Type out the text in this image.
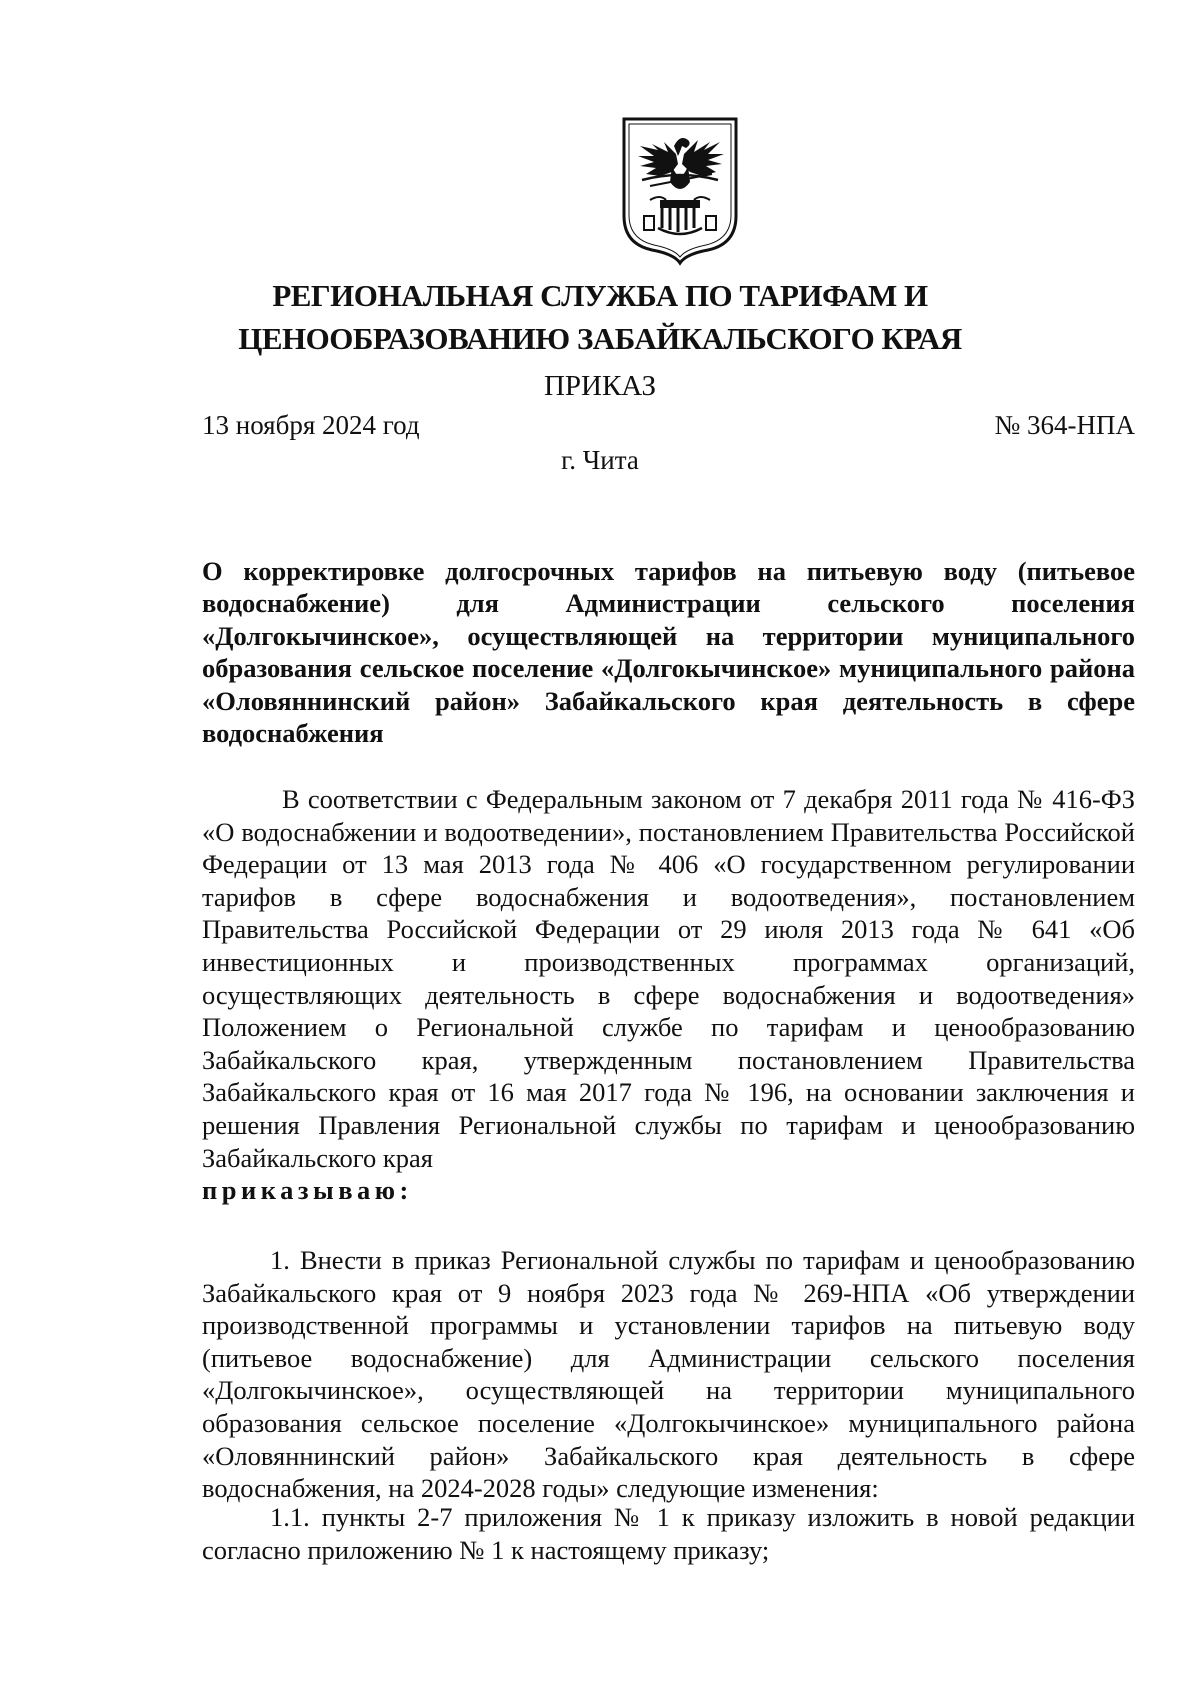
РЕГИОНАЛЬНАЯ СЛУЖБА ПО ТАРИФАМ И
ЦЕНООБРАЗОВАНИЮ ЗАБАЙКАЛЬСКОГО КРАЯ
ПРИКАЗ
13 ноября 2024 год	№ 364-НПА
г. Чита
О корректировке долгосрочных тарифов на питьевую воду (питьевое водоснабжение) для Администрации сельского поселения «Долгокычинское», осуществляющей на территории муниципального образования сельское поселение «Долгокычинское» муниципального района «Оловяннинский район» Забайкальского края деятельность в сфере водоснабжения
В соответствии с Федеральным законом от 7 декабря 2011 года № 416-ФЗ «О водоснабжении и водоотведении», постановлением Правительства Российской Федерации от 13 мая 2013 года № 406 «О государственном регулировании тарифов в сфере водоснабжения и водоотведения», постановлением Правительства Российской Федерации от 29 июля 2013 года № 641 «Об инвестиционных и производственных программах организаций, осуществляющих деятельность в сфере водоснабжения и водоотведения» Положением о Региональной службе по тарифам и ценообразованию Забайкальского края, утвержденным постановлением Правительства Забайкальского края от 16 мая 2017 года № 196, на основании заключения и решения Правления Региональной службы по тарифам и ценообразованию Забайкальского края
приказываю:
1. Внести в приказ Региональной службы по тарифам и ценообразованию Забайкальского края от 9 ноября 2023 года № 269-НПА «Об утверждении производственной программы и установлении тарифов на питьевую воду (питьевое водоснабжение) для Администрации сельского поселения «Долгокычинское», осуществляющей на территории муниципального образования сельское поселение «Долгокычинское» муниципального района «Оловяннинский район» Забайкальского края деятельность в сфере водоснабжения, на 2024-2028 годы» следующие изменения:
1.1. пункты 2-7 приложения № 1 к приказу изложить в новой редакции согласно приложению № 1 к настоящему приказу;
